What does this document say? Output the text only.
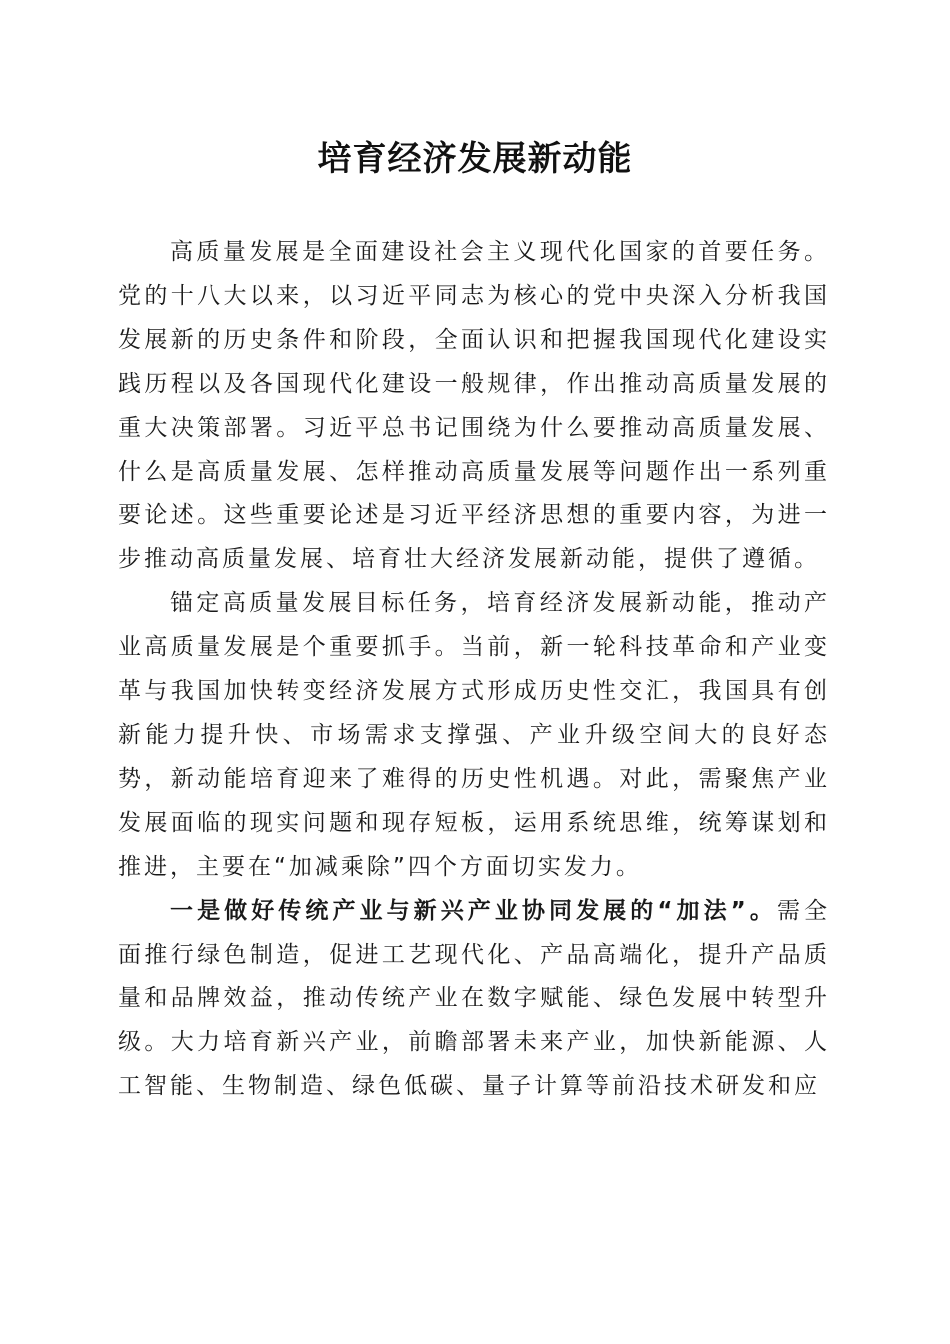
培育经济发展新动能

高质量发展是全面建设社会主义现代化国家的首要任务。党的十八大以来，以习近平同志为核心的党中央深入分析我国发展新的历史条件和阶段，全面认识和把握我国现代化建设实践历程以及各国现代化建设一般规律，作出推动高质量发展的重大决策部署。习近平总书记围绕为什么要推动高质量发展、什么是高质量发展、怎样推动高质量发展等问题作出一系列重要论述。这些重要论述是习近平经济思想的重要内容，为进一步推动高质量发展、培育壮大经济发展新动能，提供了遵循。

锚定高质量发展目标任务，培育经济发展新动能，推动产业高质量发展是个重要抓手。当前，新一轮科技革命和产业变革与我国加快转变经济发展方式形成历史性交汇，我国具有创新能力提升快、市场需求支撑强、产业升级空间大的良好态势，新动能培育迎来了难得的历史性机遇。对此，需聚焦产业发展面临的现实问题和现存短板，运用系统思维，统筹谋划和推进，主要在“加减乘除”四个方面切实发力。

一是做好传统产业与新兴产业协同发展的“加法”。需全面推行绿色制造，促进工艺现代化、产品高端化，提升产品质量和品牌效益，推动传统产业在数字赋能、绿色发展中转型升级。大力培育新兴产业，前瞻部署未来产业，加快新能源、人工智能、生物制造、绿色低碳、量子计算等前沿技术研发和应
